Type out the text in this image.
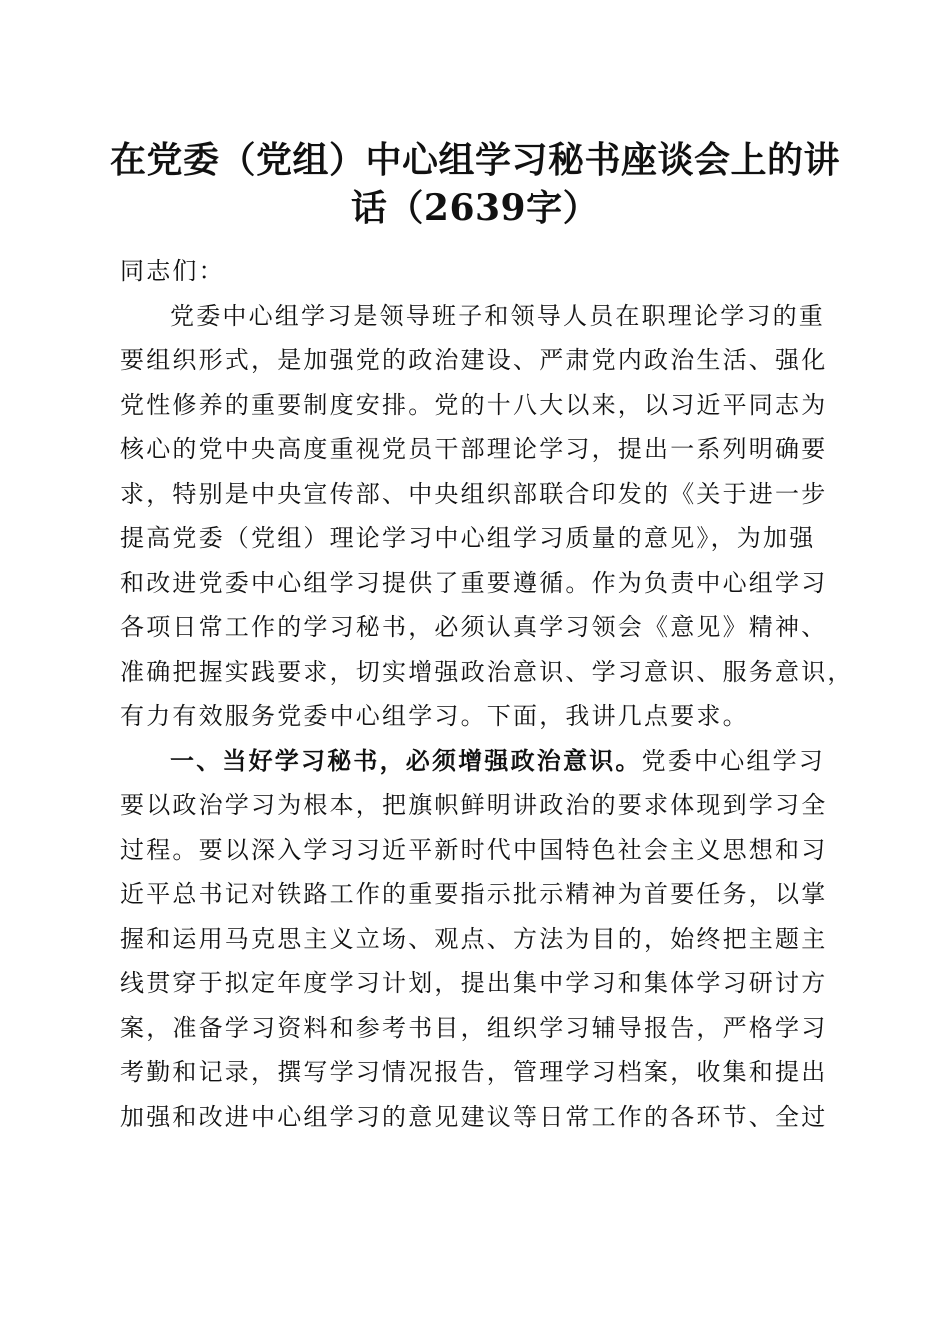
在党委（党组）中心组学习秘书座谈会上的讲
话（2639字）
同志们：
党委中心组学习是领导班子和领导人员在职理论学习的重
要组织形式，是加强党的政治建设、严肃党内政治生活、强化
党性修养的重要制度安排。党的十八大以来，以习近平同志为
核心的党中央高度重视党员干部理论学习，提出一系列明确要
求，特别是中央宣传部、中央组织部联合印发的《关于进一步
提高党委（党组）理论学习中心组学习质量的意见》，为加强
和改进党委中心组学习提供了重要遵循。作为负责中心组学习
各项日常工作的学习秘书，必须认真学习领会《意见》精神、
准确把握实践要求，切实增强政治意识、学习意识、服务意识，
有力有效服务党委中心组学习。下面，我讲几点要求。
一、当好学习秘书，必须增强政治意识。党委中心组学习
要以政治学习为根本，把旗帜鲜明讲政治的要求体现到学习全
过程。要以深入学习习近平新时代中国特色社会主义思想和习
近平总书记对铁路工作的重要指示批示精神为首要任务，以掌
握和运用马克思主义立场、观点、方法为目的，始终把主题主
线贯穿于拟定年度学习计划，提出集中学习和集体学习研讨方
案，准备学习资料和参考书目，组织学习辅导报告，严格学习
考勤和记录，撰写学习情况报告，管理学习档案，收集和提出
加强和改进中心组学习的意见建议等日常工作的各环节、全过
